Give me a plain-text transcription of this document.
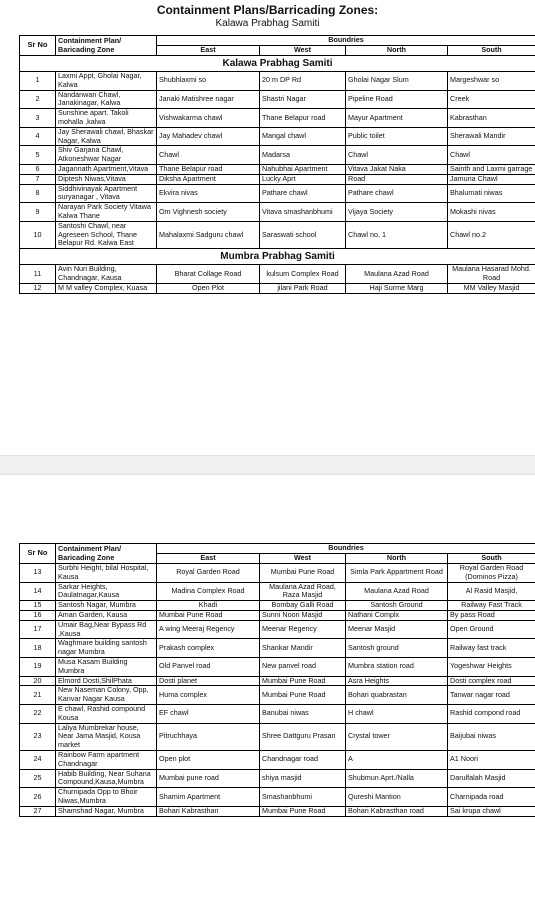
Containment Plans/Barricading Zones:
Kalawa Prabhag Samiti
Sr No	Containment Plan/ Baricading Zone	Boundries			
		East	West	North	South
Kalawa Prabhag Samiti					
1	Laxmi Appt, Gholai Nagar, Kalwa	Shubhlaxmi so	20 m DP Rd	Gholai Nagar Slum	Margeshwar so
2	Nandanwan Chawl, Janakinagar, Kalwa	Janaki Matishree nagar	Shastri Nagar	Pipeline Road	Creek
3	Sunshine apart. Takoli mohalla ,kalwa	Vishwakarma chawl	Thane Belapur road	Mayur Apartment	Kabrasthan
4	Jay Sherawali chawl, Bhaskar Nagar, Kalwa	Jay Mahadev chawl	Mangal chawl	Public toilet	Sherawali Mandir
5	Shiv Garjana Chawl, Atkoneshwar Nagar	Chawl	Madarsa	Chawl	Chawl
6	Jagannath Apartment,Vitava	Thane Belapur road	Nahubhai Apartment	Vitava Jakat Naka	Sainth and Laxmi garrage
7	Diptesh Niwas,Vitava	Diksha Apartment	Lucky Aprt	Road	Jamuna Chawl
8	Siddhivinayak Apartment suryanagar , Vitava	Ekvira nivas	Pathare chawl	Pathare chawl	Bhalumati niwas
9	Narayan Park Society Vitawa Kalwa Thane	Om Vighnesh society	Vitava smashanbhumi	Vijaya Society	Mokashi nivas
10	Santoshi Chawl, near Agreseen School, Thane Belapur Rd. Kalwa East	Mahalaxmi Sadguru chawl	Saraswati school	Chawl no. 1	Chawl no.2
Mumbra Prabhag Samiti					
11	Avin Nuri Building, Chandnagar, Kausa	Bharat Collage Road	kulsum Complex Road	Maulana Azad Road	Maulana Hasarad Mohd. Road
12	M M valley Complex, Kuasa	Open Plot	jilani Park Road	Haji Surme Marg	MM Valley Masjid
Sr No	Containment Plan/ Baricading Zone	Boundries			
		East	West	North	South
13	Surbhi Height, bilal Hospital, Kausa	Royal Garden Road	Mumbai Pune Road	Simla Park Appartment Road	Royal Garden Road (Dominos Pizza)
14	Sarkar Heights, Daulatnagar,Kausa	Madina Complex Road	Maulana Azad Road, Raza Masjid	Maulana Azad Road	Al Rasid Masjid,
15	Santosh Nagar, Mumbra	Khadi	Bombay Galli Road	Santosh Ground	Railway Fast Track
16	Aman Garden, Kausa	Mumbai Pune Road	Sunni Noori Masjid	Nathani Complx	By pass Road
17	Umair Bag,Near Bypass Rd ,Kausa	A wing Meeraj Regency	Meenar Regency	Meenar Masjid	Open Ground
18	Waghmare building santosh nagar Mumbra	Prakash complex	Shankar Mandir	Santosh ground	Railway fast track
19	Musa Kasam Building Mumbra	Old Panvel road	New panvel road	Mumbra station road	Yogeshwar Heights
20	Elmord Dosti,ShilPhata	Dosti planet	Mumbai Pune Road	Asra Heights	Dosti complex road
21	New Naseman Colony, Opp, Kanvar Nagar Kausa	Huma complex	Mumbai Pune Road	Bohari quabrastan	Tanwar nagar road
22	E chawl, Rashid compound Kousa	EF chawl	Banubai niwas	H chawl	Rashid compond road
23	Laliya Mumbrekar house, Near Jama Masjid, Kousa market	Pitruchhaya	Shree Dattguru Prasan	Crystal tower	Baijubai niwas
24	Rainbow Farm apartment Chandnagar	Open plot	Chandnagar road	A	A1 Noori
25	Habib Building, Near Suhana Compound,Kausa,Mumbra	Mumbai pune road	shiya masjid	Shubmun Aprt./Nalla	Darulfalah Masjid
26	Churnipada Opp to Bhoir Niwas,Mumbra	Shamim Apartment	Smashanbhumi	Qureshi Mantion	Charnipada road
27	Shamshad Nagar, Mumbra	Bohari Kabrasthan	Mumbai Pune Road	Bohari Kabrasthan road	Sai krupa chawl
